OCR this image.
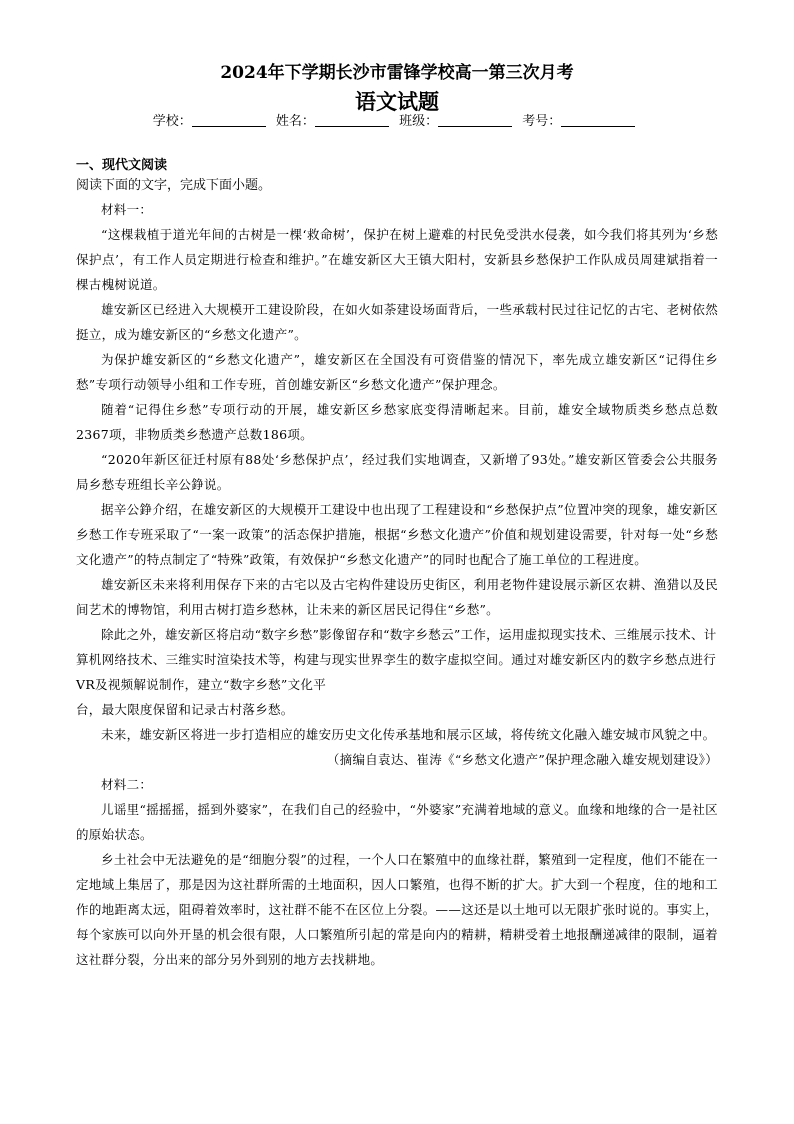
2024年下学期长沙市雷锋学校高一第三次月考
语文试题
学校：	姓名：	班级：	考号：
一、现代文阅读
阅读下面的文字，完成下面小题。

材料一：

“这棵栽植于道光年间的古树是一棵‘救命树’，保护在树上避难的村民免受洪水侵袭，如今我们将其列为‘乡愁保护点’，有工作人员定期进行检查和维护。”在雄安新区大王镇大阳村，安新县乡愁保护工作队成员周建斌指着一棵古槐树说道。

雄安新区已经进入大规模开工建设阶段，在如火如荼建设场面背后，一些承载村民过往记忆的古宅、老树依然挺立，成为雄安新区的“乡愁文化遗产”。

为保护雄安新区的“乡愁文化遗产”，雄安新区在全国没有可资借鉴的情况下，率先成立雄安新区“记得住乡愁”专项行动领导小组和工作专班，首创雄安新区“乡愁文化遗产”保护理念。

随着“记得住乡愁”专项行动的开展，雄安新区乡愁家底变得清晰起来。目前，雄安全域物质类乡愁点总数2367项，非物质类乡愁遗产总数186项。

“2020年新区征迁村原有88处‘乡愁保护点’，经过我们实地调查，又新增了93处。”雄安新区管委会公共服务局乡愁专班组长辛公錚说。

据辛公錚介绍，在雄安新区的大规模开工建设中也出现了工程建设和“乡愁保护点”位置冲突的现象，雄安新区乡愁工作专班采取了“一案一政策”的活态保护措施，根据“乡愁文化遗产”价值和规划建设需要，针对每一处“乡愁文化遗产”的特点制定了“特殊”政策，有效保护“乡愁文化遗产”的同时也配合了施工单位的工程进度。

雄安新区未来将利用保存下来的古宅以及古宅构件建设历史街区，利用老物件建设展示新区农耕、渔猎以及民间艺术的博物馆，利用古树打造乡愁林，让未来的新区居民记得住“乡愁”。

除此之外，雄安新区将启动“数字乡愁”影像留存和“数字乡愁云”工作，运用虚拟现实技术、三维展示技术、计算机网络技术、三维实时渲染技术等，构建与现实世界孪生的数字虚拟空间。通过对雄安新区内的数字乡愁点进行VR及视频解说制作，建立“数字乡愁”文化平

台，最大限度保留和记录古村落乡愁。

未来，雄安新区将进一步打造相应的雄安历史文化传承基地和展示区域，将传统文化融入雄安城市风貌之中。

（摘编自袁达、崔涛《“乡愁文化遗产”保护理念融入雄安规划建设》）

材料二：

儿谣里“摇摇摇，摇到外婆家”，在我们自己的经验中，“外婆家”充满着地域的意义。血缘和地缘的合一是社区的原始状态。

乡土社会中无法避免的是“细胞分裂”的过程，一个人口在繁殖中的血缘社群，繁殖到一定程度，他们不能在一定地域上集居了，那是因为这社群所需的土地面积，因人口繁殖，也得不断的扩大。扩大到一个程度，住的地和工作的地距离太远，阻碍着效率时，这社群不能不在区位上分裂。——这还是以土地可以无限扩张时说的。事实上，每个家族可以向外开垦的机会很有限，人口繁殖所引起的常是向内的精耕，精耕受着土地报酬递减律的限制，逼着这社群分裂，分出来的部分另外到别的地方去找耕地。
